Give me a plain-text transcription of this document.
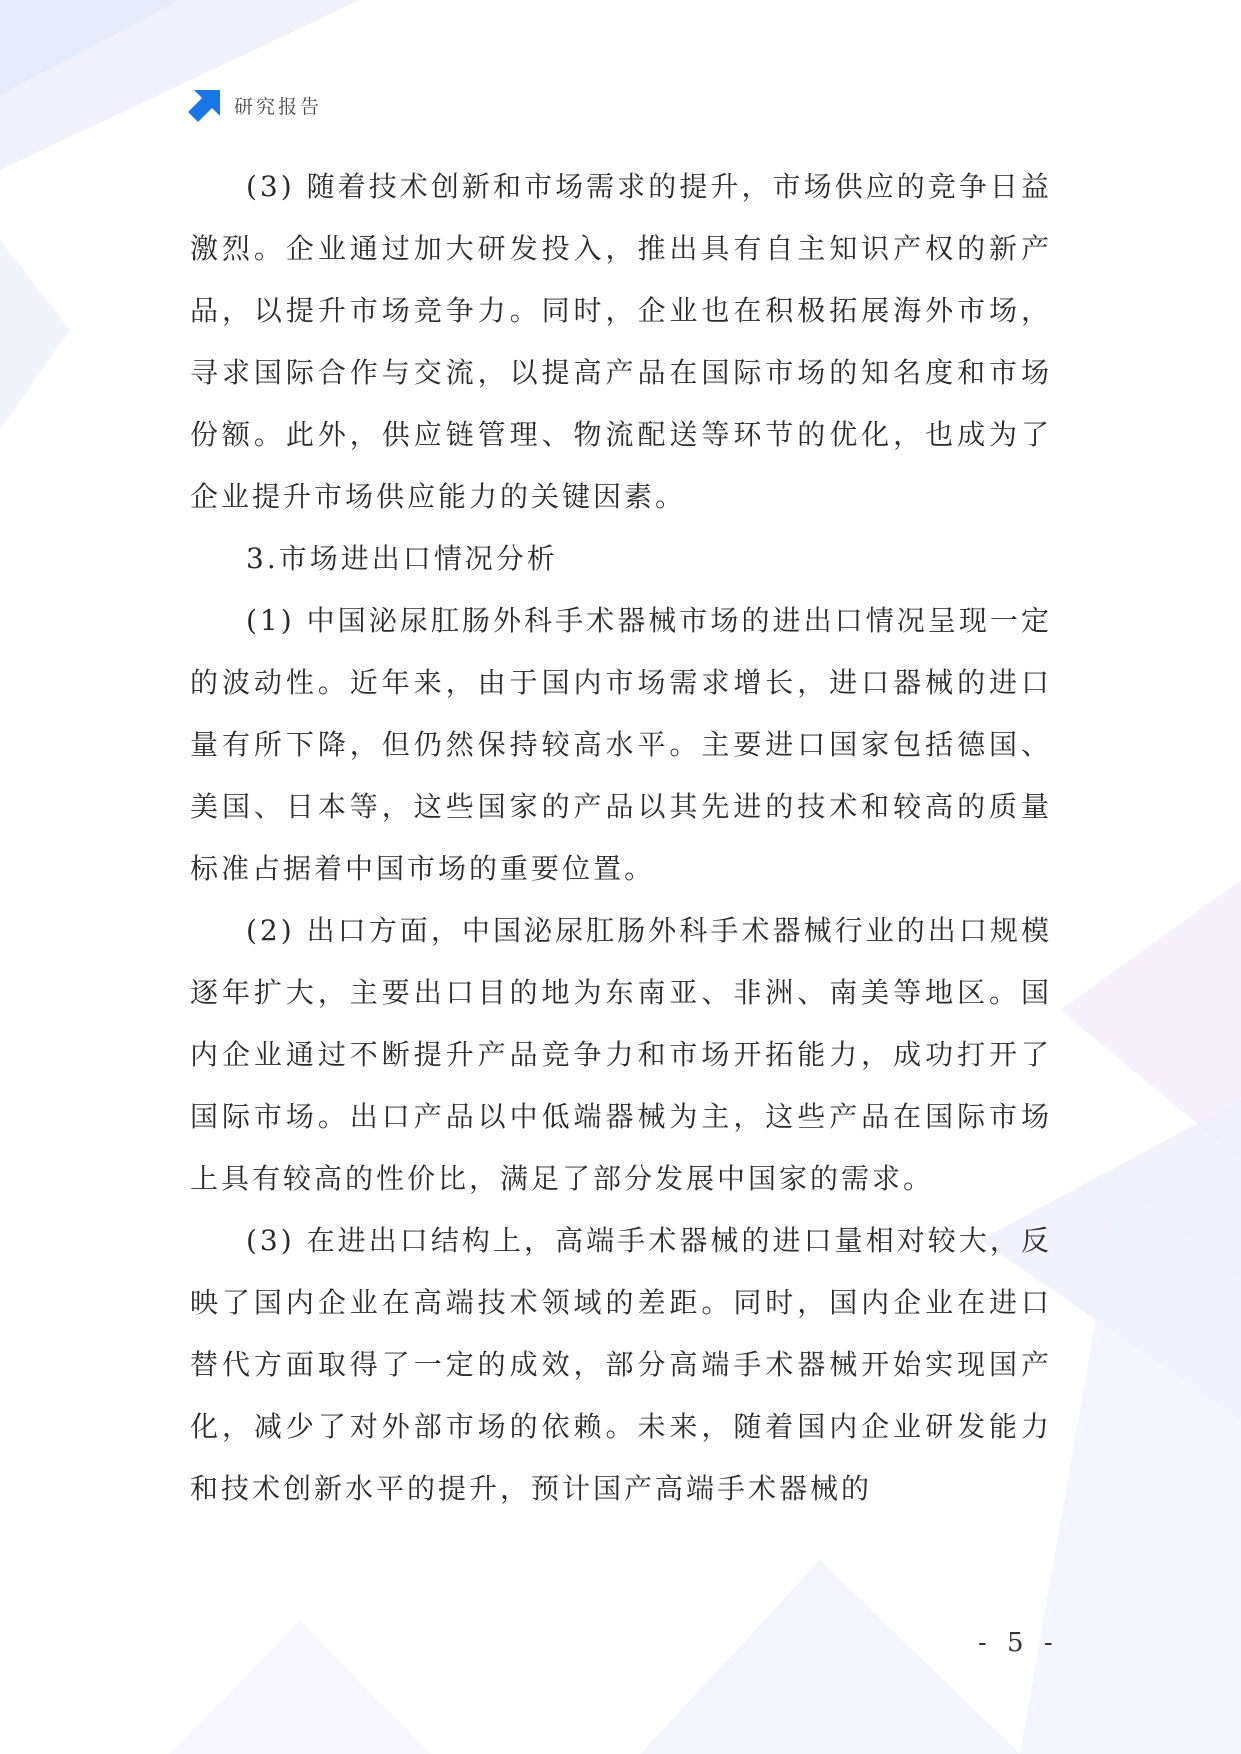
研究报告

(3) 随着技术创新和市场需求的提升，市场供应的竞争日益激烈。企业通过加大研发投入，推出具有自主知识产权的新产品，以提升市场竞争力。同时，企业也在积极拓展海外市场，寻求国际合作与交流，以提高产品在国际市场的知名度和市场份额。此外，供应链管理、物流配送等环节的优化，也成为了企业提升市场供应能力的关键因素。

3.市场进出口情况分析

(1) 中国泌尿肛肠外科手术器械市场的进出口情况呈现一定的波动性。近年来，由于国内市场需求增长，进口器械的进口量有所下降，但仍然保持较高水平。主要进口国家包括德国、美国、日本等，这些国家的产品以其先进的技术和较高的质量标准占据着中国市场的重要位置。

(2) 出口方面，中国泌尿肛肠外科手术器械行业的出口规模逐年扩大，主要出口目的地为东南亚、非洲、南美等地区。国内企业通过不断提升产品竞争力和市场开拓能力，成功打开了国际市场。出口产品以中低端器械为主，这些产品在国际市场上具有较高的性价比，满足了部分发展中国家的需求。

(3) 在进出口结构上，高端手术器械的进口量相对较大，反映了国内企业在高端技术领域的差距。同时，国内企业在进口替代方面取得了一定的成效，部分高端手术器械开始实现国产化，减少了对外部市场的依赖。未来，随着国内企业研发能力和技术创新水平的提升，预计国产高端手术器械的

- 5 -
